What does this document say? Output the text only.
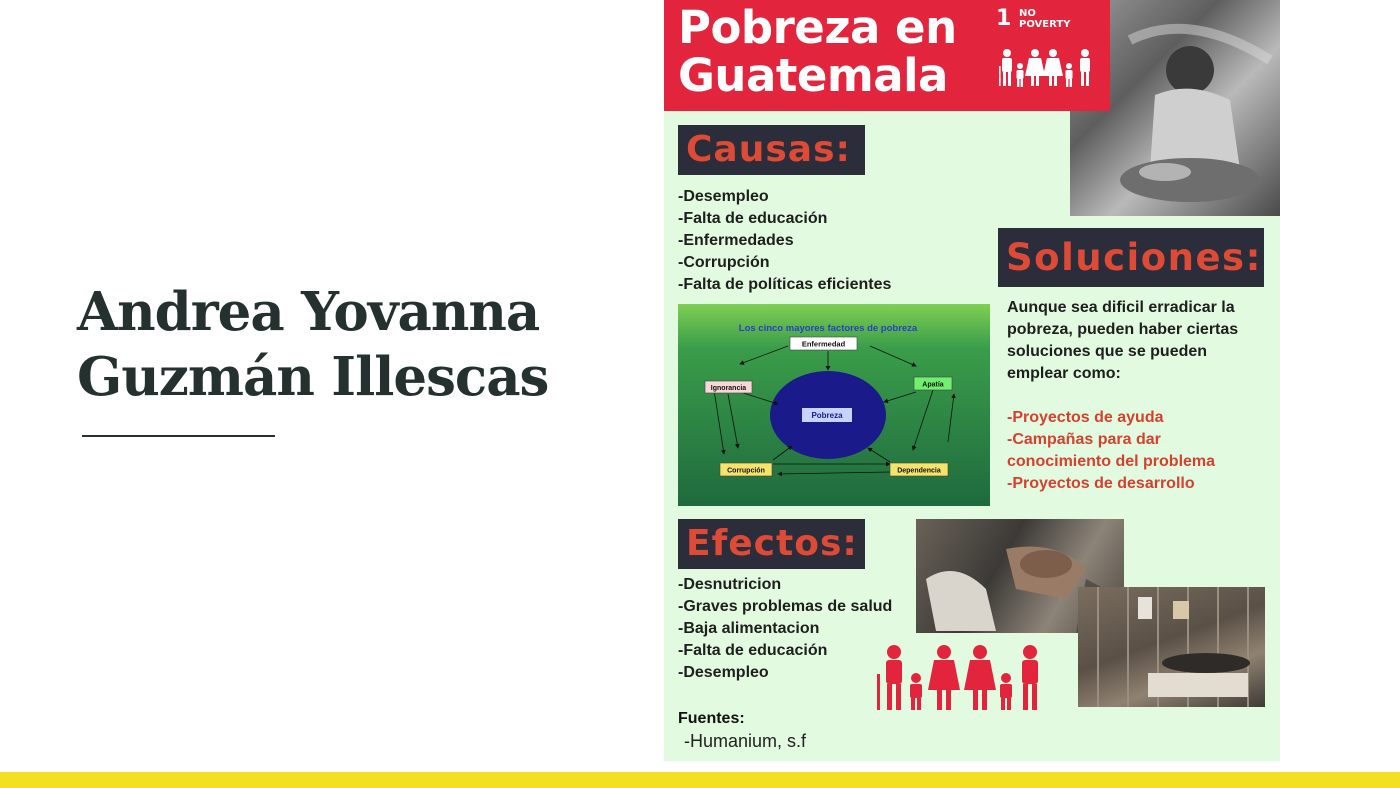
Andrea Yovanna
Guzmán Illescas
Pobreza en
Guatemala
1 NO
POVERTY
Causas:
-Desempleo
-Falta de educación
-Enfermedades
-Corrupción
-Falta de políticas eficientes
Los cinco mayores factores de pobreza
Pobreza
Enfermedad
Ignorancia	Apatía
Corrupción	Dependencia
Soluciones:

Aunque sea dificil erradicar la pobreza, pueden haber ciertas soluciones que se pueden emplear como:

-Proyectos de ayuda
-Campañas para dar
conocimiento del problema
-Proyectos de desarrollo
Efectos:
-Desnutricion
-Graves problemas de salud
-Baja alimentacion
-Falta de educación
-Desempleo
Fuentes:
-Humanium, s.f
